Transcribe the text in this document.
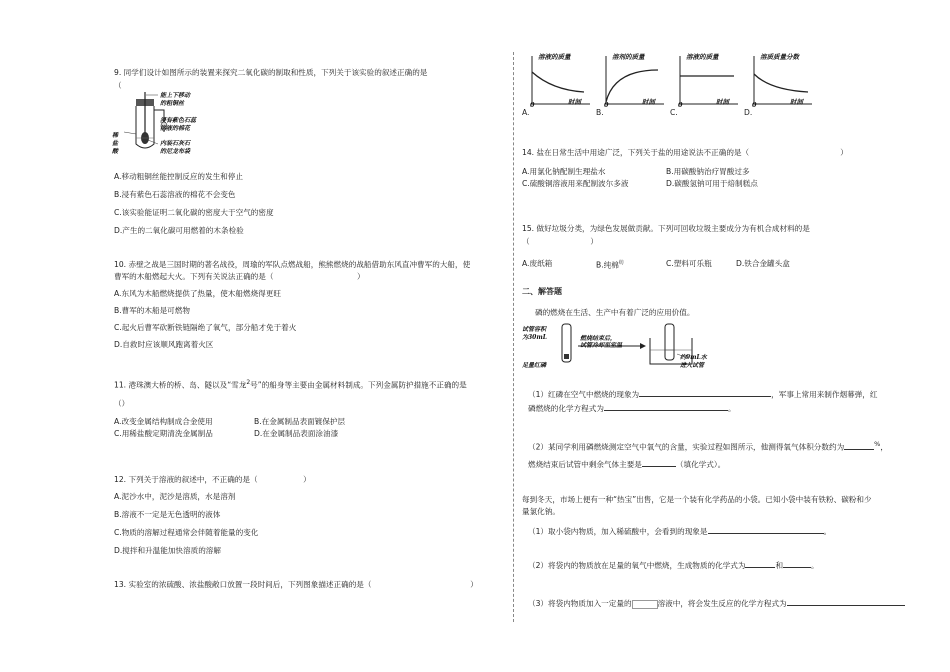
9. 同学们设计如图所示的装置来探究二氧化碳的制取和性质，下列关于该实验的叙述正确的是
（
能上下移动
的粗铜丝
浸有紫色石蕊
溶液的棉花
稀
盐
酸
内装石灰石
的尼龙布袋
A.移动粗铜丝能控制反应的发生和停止
B.浸有紫色石蕊溶液的棉花不会变色
C.该实验能证明二氧化碳的密度大于空气的密度
D.产生的二氧化碳可用燃着的木条检验
10. 赤壁之战是三国时期的著名战役，周瑜的军队点燃战船，熊熊燃烧的战船借助东风直冲曹军的大船，使
曹军的木船燃起大火。下列有关说法正确的是（　　　　　　　　　　　）
A.东风为木船燃烧提供了热量，使木船燃烧得更旺
B.曹军的木船是可燃物
C.起火后曹军砍断铁链隔绝了氧气，部分船才免于着火
D.自救时应该顺风跑离着火区
11. 港珠澳大桥的桥、岛、隧以及“雪龙$^2$号”的船身等主要由金属材料制成。下列金属防护措施不正确的是
（）
A.改变金属结构制成合金使用	B.在金属制品表面镀保护层
C.用稀盐酸定期清洗金属制品	D.在金属制品表面涂油漆
12. 下列关于溶液的叙述中，不正确的是（　　　　　　）
A.泥沙水中，泥沙是溶质，水是溶剂
B.溶液不一定是无色透明的液体
C.物质的溶解过程通常会伴随着能量的变化
D.搅拌和升温能加快溶质的溶解
13. 实验室的浓硫酸、浓盐酸敞口放置一段时间后，下列图象描述正确的是（　　　　　　　　　　　　　）
溶液的质量	溶剂的质量	溶液的质量	溶质质量分数
时间	时间	时间	时间
0	0	0	0
A.	B.	C.	D.
14. 盐在日常生活中用途广泛，下列关于盐的用途说法不正确的是（　　　　　　　　　　　　）
A.用氯化钠配制生理盐水	B.用碳酸钠治疗胃酸过多
C.硫酸铜溶液用来配制波尔多液	D.碳酸氢钠可用于焙制糕点
15. 做好垃圾分类，为绿色发展做贡献。下列可回收垃圾主要成分为有机合成材料的是
（　　　　　　　　）
A.废纸箱	B.纯棉$^纺$	C.塑料可乐瓶	D.铁合金罐头盒
二、解答题
磷的燃烧在生活、生产中有着广泛的应用价值。
试管容积
为30mL
足量红磷
燃烧结束后，
试管冷却至室温
约9mL水
进入试管
（1）红磷在空气中燃烧的现象为	，军事上常用来制作烟幕弹，红
磷燃烧的化学方程式为	。
（2）某同学利用磷燃烧测定空气中氧气的含量，实验过程如图所示，他测得氧气体积分数约为	%，
燃烧结束后试管中剩余气体主要是	（填化学式）。
每到冬天，市场上便有一种“热宝”出售，它是一个装有化学药品的小袋。已知小袋中装有铁粉、碳粉和少
量氯化钠。
（1）取小袋内物质，加入稀硫酸中，会看到的现象是	。
（2）将袋内的物质放在足量的氧气中燃烧，生成物质的化学式为	和	。
（3）将袋内物质加入一定量的	溶液中，将会发生反应的化学方程式为
